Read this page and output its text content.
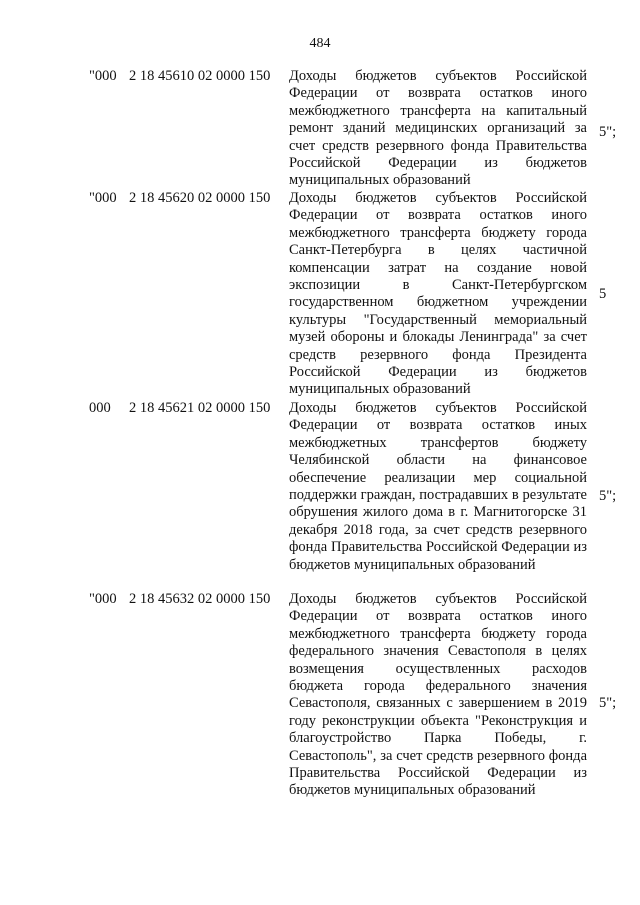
484
"000 2 18 45610 02 0000 150 Доходы бюджетов субъектов Российской Федерации от возврата остатков иного межбюджетного трансферта на капитальный ремонт зданий медицинских организаций за счет средств резервного фонда Правительства Российской Федерации из бюджетов муниципальных образований
5";
"000 2 18 45620 02 0000 150 Доходы бюджетов субъектов Российской Федерации от возврата остатков иного межбюджетного трансферта бюджету города Санкт-Петербурга в целях частичной компенсации затрат на создание новой экспозиции в Санкт-Петербургском государственном бюджетном учреждении культуры "Государственный мемориальный музей обороны и блокады Ленинграда" за счет средств резервного фонда Президента Российской Федерации из бюджетов муниципальных образований
5
000 2 18 45621 02 0000 150 Доходы бюджетов субъектов Российской Федерации от возврата остатков иных межбюджетных трансфертов бюджету Челябинской области на финансовое обеспечение реализации мер социальной поддержки граждан, пострадавших в результате обрушения жилого дома в г. Магнитогорске 31 декабря 2018 года, за счет средств резервного фонда Правительства Российской Федерации из бюджетов муниципальных образований
5";
"000 2 18 45632 02 0000 150 Доходы бюджетов субъектов Российской Федерации от возврата остатков иного межбюджетного трансферта бюджету города федерального значения Севастополя в целях возмещения осуществленных расходов бюджета города федерального значения Севастополя, связанных с завершением в 2019 году реконструкции объекта "Реконструкция и благоустройство Парка Победы, г. Севастополь", за счет средств резервного фонда Правительства Российской Федерации из бюджетов муниципальных образований
5";
